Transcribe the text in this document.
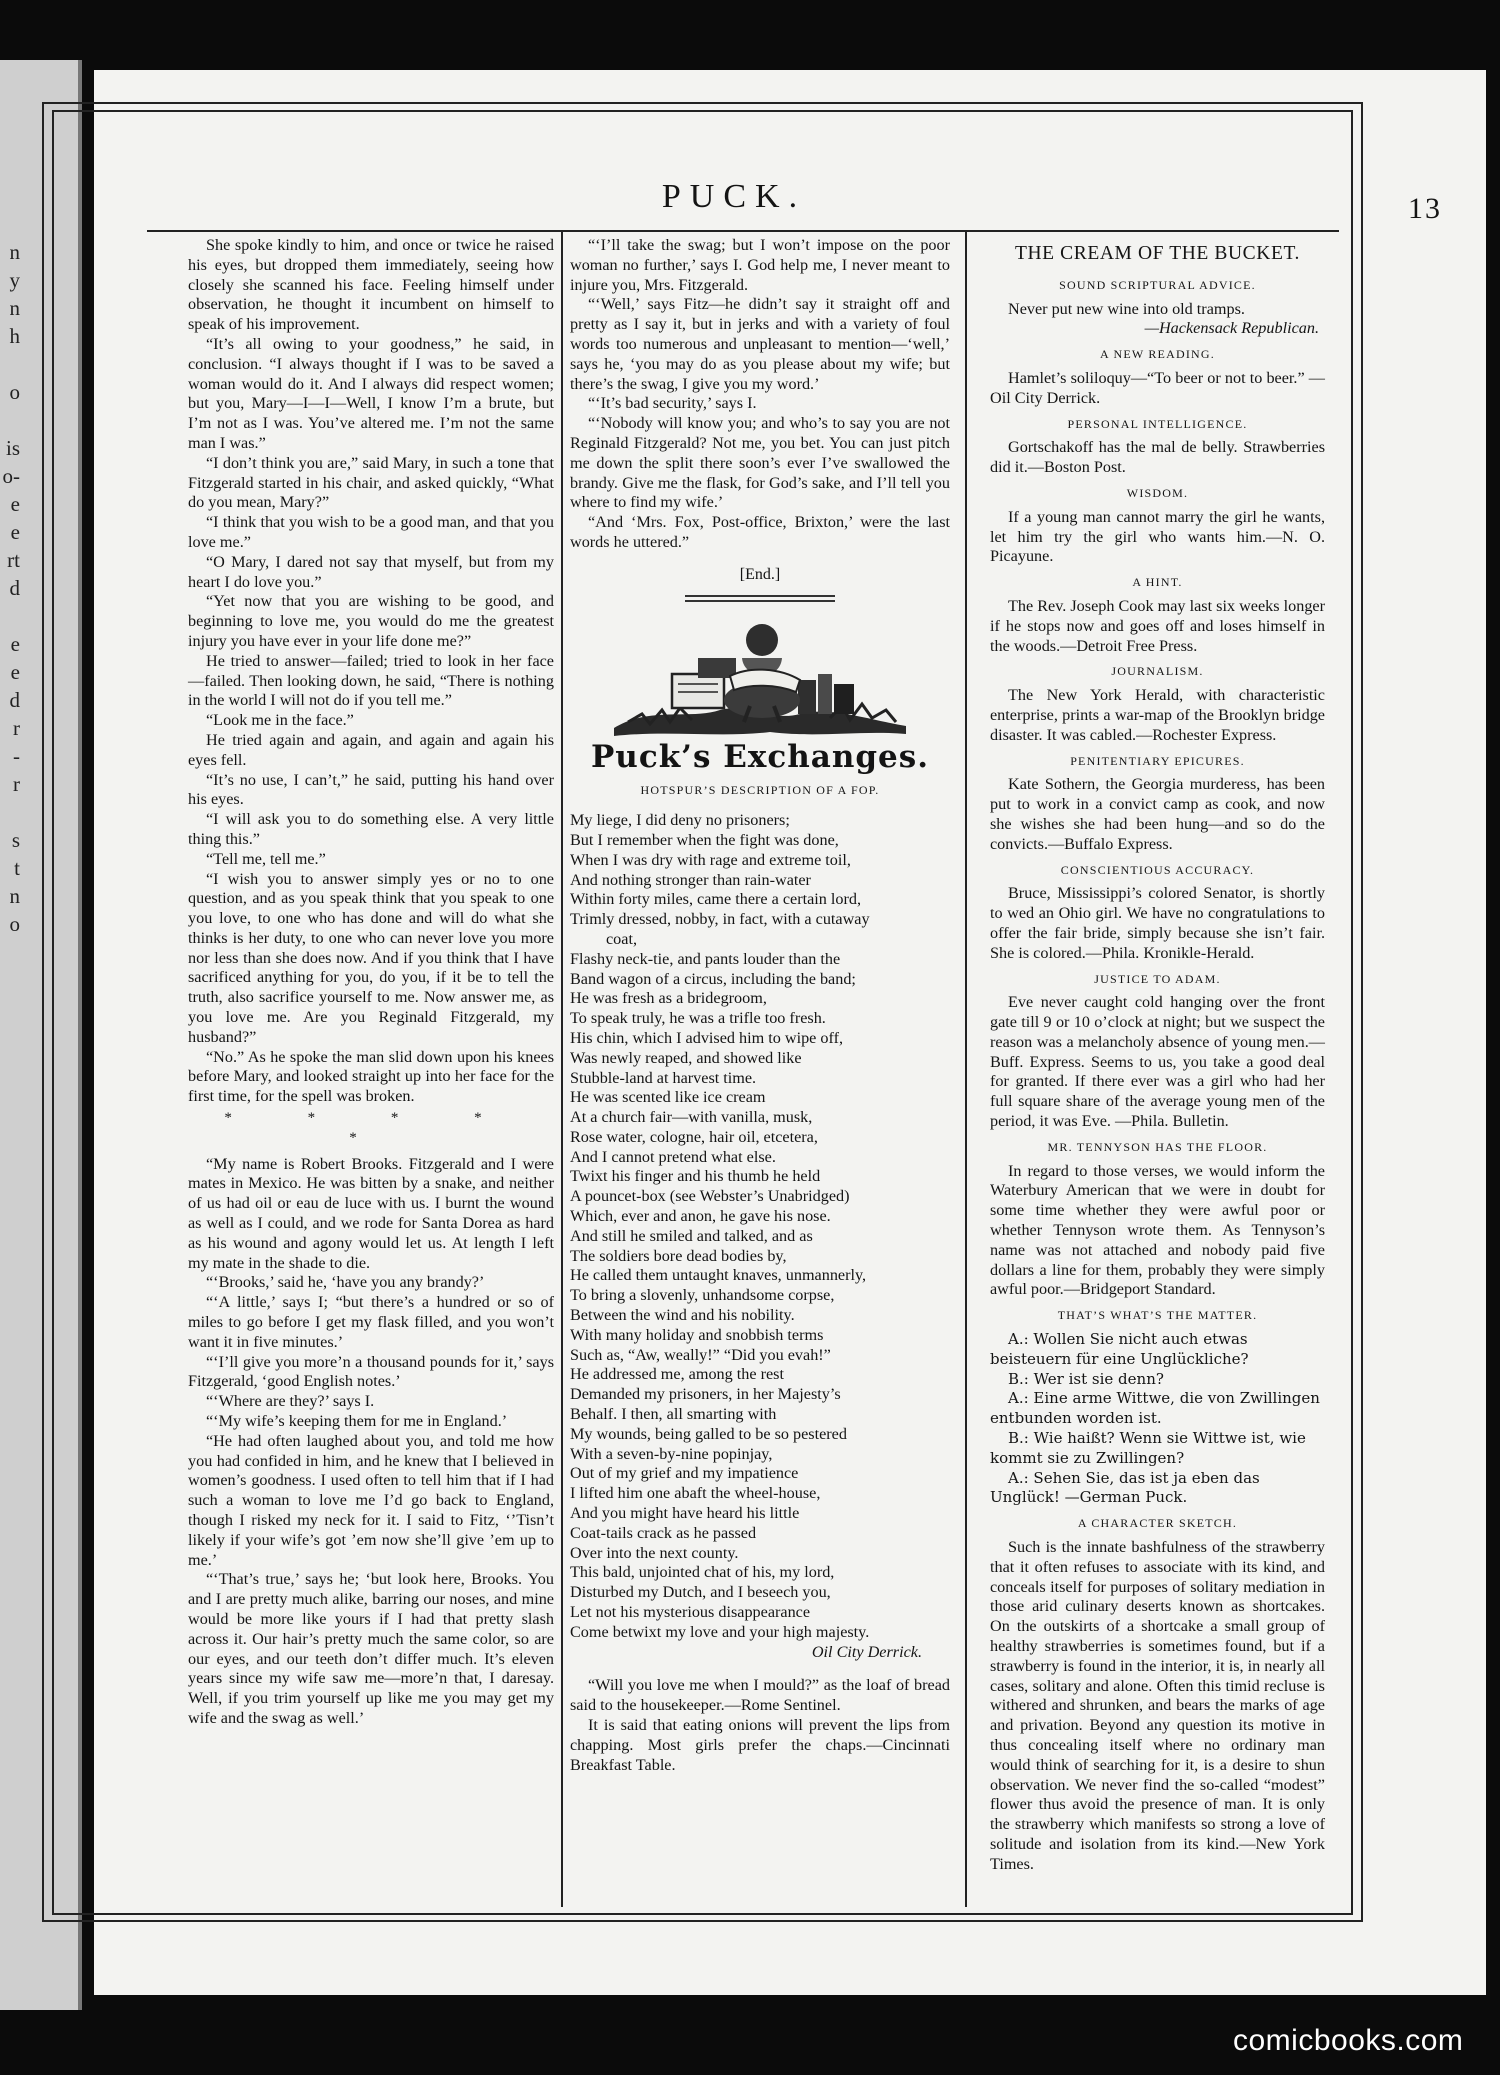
n
y
n
h
o
is
o-
e
e
rt
d
e
e
d
r
-
r
s
t
n
o
PUCK.	13

She spoke kindly to him, and once or twice he raised his eyes, but dropped them immediately, seeing how closely she scanned his face. Feeling himself under observation, he thought it incumbent on himself to speak of his improvement.

“It’s all owing to your goodness,” he said, in conclusion. “I always thought if I was to be saved a woman would do it. And I always did respect women; but you, Mary—I—I—Well, I know I’m a brute, but I’m not as I was. You’ve altered me. I’m not the same man I was.”

“I don’t think you are,” said Mary, in such a tone that Fitzgerald started in his chair, and asked quickly, “What do you mean, Mary?”

“I think that you wish to be a good man, and that you love me.”

“O Mary, I dared not say that myself, but from my heart I do love you.”

“Yet now that you are wishing to be good, and beginning to love me, you would do me the greatest injury you have ever in your life done me?”

He tried to answer—failed; tried to look in her face—failed. Then looking down, he said, “There is nothing in the world I will not do if you tell me.”

“Look me in the face.”

He tried again and again, and again and again his eyes fell.

“It’s no use, I can’t,” he said, putting his hand over his eyes.

“I will ask you to do something else. A very little thing this.”

“Tell me, tell me.”

“I wish you to answer simply yes or no to one question, and as you speak think that you speak to one you love, to one who has done and will do what she thinks is her duty, to one who can never love you more nor less than she does now. And if you think that I have sacrificed anything for you, do you, if it be to tell the truth, also sacrifice yourself to me. Now answer me, as you love me. Are you Reginald Fitzgerald, my husband?”

“No.” As he spoke the man slid down upon his knees before Mary, and looked straight up into her face for the first time, for the spell was broken.

* * * * *

“My name is Robert Brooks. Fitzgerald and I were mates in Mexico. He was bitten by a snake, and neither of us had oil or eau de luce with us. I burnt the wound as well as I could, and we rode for Santa Dorea as hard as his wound and agony would let us. At length I left my mate in the shade to die.

“‘Brooks,’ said he, ‘have you any brandy?’

“‘A little,’ says I; “but there’s a hundred or so of miles to go before I get my flask filled, and you won’t want it in five minutes.’

“‘I’ll give you more’n a thousand pounds for it,’ says Fitzgerald, ‘good English notes.’

“‘Where are they?’ says I.

“‘My wife’s keeping them for me in England.’

“He had often laughed about you, and told me how you had confided in him, and he knew that I believed in women’s goodness. I used often to tell him that if I had such a woman to love me I’d go back to England, though I risked my neck for it. I said to Fitz, ‘’Tisn’t likely if your wife’s got ’em now she’ll give ’em up to me.’

“‘That’s true,’ says he; ‘but look here, Brooks. You and I are pretty much alike, barring our noses, and mine would be more like yours if I had that pretty slash across it. Our hair’s pretty much the same color, so are our eyes, and our teeth don’t differ much. It’s eleven years since my wife saw me—more’n that, I daresay. Well, if you trim yourself up like me you may get my wife and the swag as well.’

“‘I’ll take the swag; but I won’t impose on the poor woman no further,’ says I. God help me, I never meant to injure you, Mrs. Fitzgerald.

“‘Well,’ says Fitz—he didn’t say it straight off and pretty as I say it, but in jerks and with a variety of foul words too numerous and unpleasant to mention—‘well,’ says he, ‘you may do as you please about my wife; but there’s the swag, I give you my word.’

“‘It’s bad security,’ says I.

“‘Nobody will know you; and who’s to say you are not Reginald Fitzgerald? Not me, you bet. You can just pitch me down the split there soon’s ever I’ve swallowed the brandy. Give me the flask, for God’s sake, and I’ll tell you where to find my wife.’

“And ‘Mrs. Fox, Post-office, Brixton,’ were the last words he uttered.”

[End.]
Puck’s Exchanges.
HOTSPUR’S DESCRIPTION OF A FOP.

My liege, I did deny no prisoners;

But I remember when the fight was done,

When I was dry with rage and extreme toil,

And nothing stronger than rain-water

Within forty miles, came there a certain lord,

Trimly dressed, nobby, in fact, with a cutaway

coat,

Flashy neck-tie, and pants louder than the

Band wagon of a circus, including the band;

He was fresh as a bridegroom,

To speak truly, he was a trifle too fresh.

His chin, which I advised him to wipe off,

Was newly reaped, and showed like

Stubble-land at harvest time.

He was scented like ice cream

At a church fair—with vanilla, musk,

Rose water, cologne, hair oil, etcetera,

And I cannot pretend what else.

Twixt his finger and his thumb he held

A pouncet-box (see Webster’s Unabridged)

Which, ever and anon, he gave his nose.

And still he smiled and talked, and as

The soldiers bore dead bodies by,

He called them untaught knaves, unmannerly,

To bring a slovenly, unhandsome corpse,

Between the wind and his nobility.

With many holiday and snobbish terms

Such as, “Aw, weally!” “Did you evah!”

He addressed me, among the rest

Demanded my prisoners, in her Majesty’s

Behalf. I then, all smarting with

My wounds, being galled to be so pestered

With a seven-by-nine popinjay,

Out of my grief and my impatience

I lifted him one abaft the wheel-house,

And you might have heard his little

Coat-tails crack as he passed

Over into the next county.

This bald, unjointed chat of his, my lord,

Disturbed my Dutch, and I beseech you,

Let not his mysterious disappearance

Come betwixt my love and your high majesty.

Oil City Derrick.

“Will you love me when I mould?” as the loaf of bread said to the housekeeper.—Rome Sentinel.

It is said that eating onions will prevent the lips from chapping. Most girls prefer the chaps.—Cincinnati Breakfast Table.

THE CREAM OF THE BUCKET.
SOUND SCRIPTURAL ADVICE.

Never put new wine into old tramps.

—Hackensack Republican.

A NEW READING.

Hamlet’s soliloquy—“To beer or not to beer.” —Oil City Derrick.

PERSONAL INTELLIGENCE.

Gortschakoff has the mal de belly. Strawberries did it.—Boston Post.

WISDOM.

If a young man cannot marry the girl he wants, let him try the girl who wants him.—N. O. Picayune.

A HINT.

The Rev. Joseph Cook may last six weeks longer if he stops now and goes off and loses himself in the woods.—Detroit Free Press.

JOURNALISM.

The New York Herald, with characteristic enterprise, prints a war-map of the Brooklyn bridge disaster. It was cabled.—Rochester Express.

PENITENTIARY EPICURES.

Kate Sothern, the Georgia murderess, has been put to work in a convict camp as cook, and now she wishes she had been hung—and so do the convicts.—Buffalo Express.

CONSCIENTIOUS ACCURACY.

Bruce, Mississippi’s colored Senator, is shortly to wed an Ohio girl. We have no congratulations to offer the fair bride, simply because she isn’t fair. She is colored.—Phila. Kronikle-Herald.

JUSTICE TO ADAM.

Eve never caught cold hanging over the front gate till 9 or 10 o’clock at night; but we suspect the reason was a melancholy absence of young men.—Buff. Express. Seems to us, you take a good deal for granted. If there ever was a girl who had her full square share of the average young men of the period, it was Eve. —Phila. Bulletin.

MR. TENNYSON HAS THE FLOOR.

In regard to those verses, we would inform the Waterbury American that we were in doubt for some time whether they were awful poor or whether Tennyson wrote them. As Tennyson’s name was not attached and nobody paid five dollars a line for them, probably they were simply awful poor.—Bridgeport Standard.

THAT’S WHAT’S THE MATTER.

A.: Wollen Sie nicht auch etwas beisteuern für eine Unglückliche?

B.: Wer ist sie denn?

A.: Eine arme Wittwe, die von Zwillingen entbunden worden ist.

B.: Wie haißt? Wenn sie Wittwe ist, wie kommt sie zu Zwillingen?

A.: Sehen Sie, das ist ja eben das Unglück! —German Puck.

A CHARACTER SKETCH.

Such is the innate bashfulness of the strawberry that it often refuses to associate with its kind, and conceals itself for purposes of solitary mediation in those arid culinary deserts known as shortcakes. On the outskirts of a shortcake a small group of healthy strawberries is sometimes found, but if a strawberry is found in the interior, it is, in nearly all cases, solitary and alone. Often this timid recluse is withered and shrunken, and bears the marks of age and privation. Beyond any question its motive in thus concealing itself where no ordinary man would think of searching for it, is a desire to shun observation. We never find the so-called “modest” flower thus avoid the presence of man. It is only the strawberry which manifests so strong a love of solitude and isolation from its kind.—New York Times.

comicbooks.com
